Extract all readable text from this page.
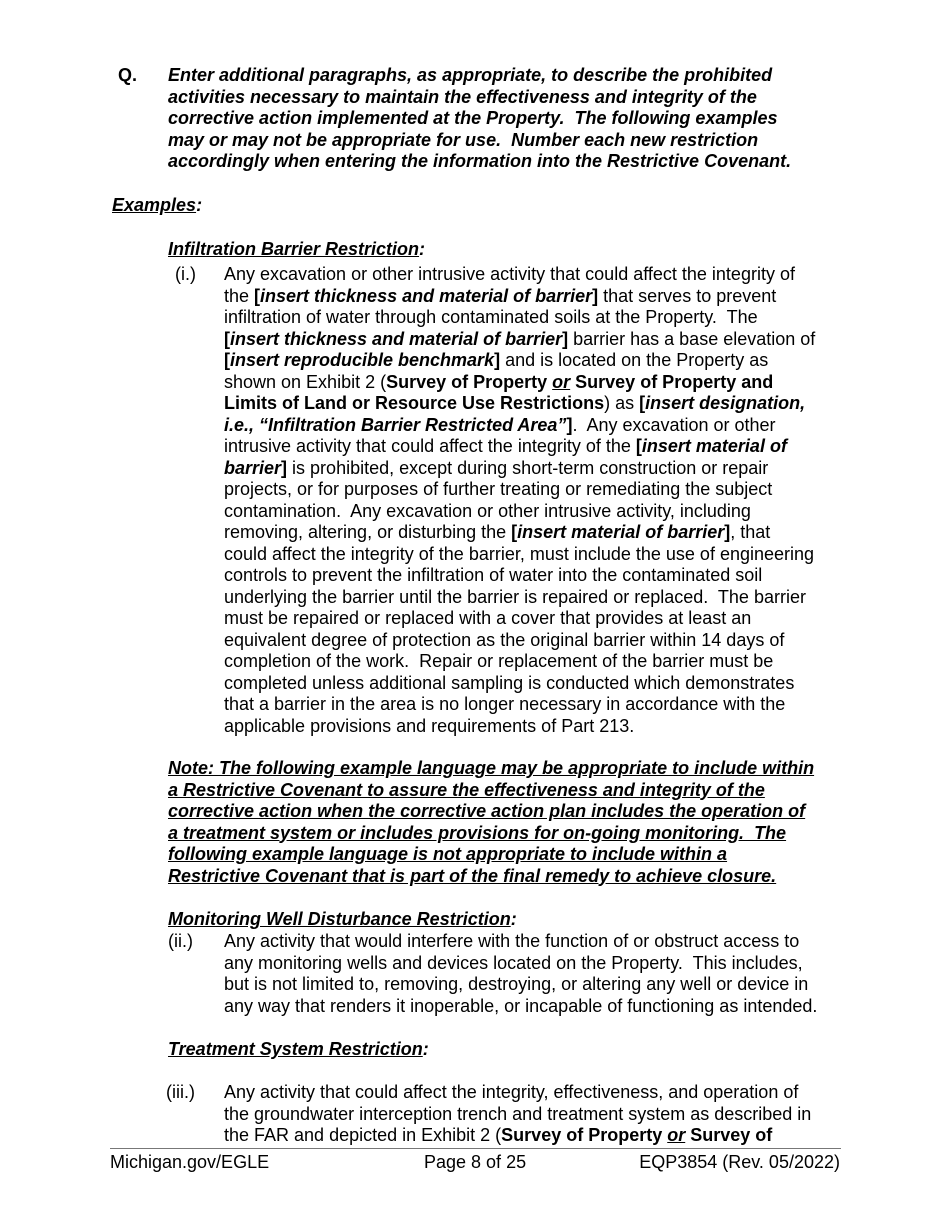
Q. Enter additional paragraphs, as appropriate, to describe the prohibited
activities necessary to maintain the effectiveness and integrity of the
corrective action implemented at the Property.  The following examples
may or may not be appropriate for use.  Number each new restriction
accordingly when entering the information into the Restrictive Covenant.
Examples:
Infiltration Barrier Restriction:
(i.) Any excavation or other intrusive activity that could affect the integrity of
the [insert thickness and material of barrier] that serves to prevent
infiltration of water through contaminated soils at the Property.  The
[insert thickness and material of barrier] barrier has a base elevation of
[insert reproducible benchmark] and is located on the Property as
shown on Exhibit 2 (Survey of Property or Survey of Property and
Limits of Land or Resource Use Restrictions) as [insert designation,
i.e., “Infiltration Barrier Restricted Area”].  Any excavation or other
intrusive activity that could affect the integrity of the [insert material of
barrier] is prohibited, except during short-term construction or repair
projects, or for purposes of further treating or remediating the subject
contamination.  Any excavation or other intrusive activity, including
removing, altering, or disturbing the [insert material of barrier], that
could affect the integrity of the barrier, must include the use of engineering
controls to prevent the infiltration of water into the contaminated soil
underlying the barrier until the barrier is repaired or replaced.  The barrier
must be repaired or replaced with a cover that provides at least an
equivalent degree of protection as the original barrier within 14 days of
completion of the work.  Repair or replacement of the barrier must be
completed unless additional sampling is conducted which demonstrates
that a barrier in the area is no longer necessary in accordance with the
applicable provisions and requirements of Part 213.
Note: The following example language may be appropriate to include within
a Restrictive Covenant to assure the effectiveness and integrity of the
corrective action when the corrective action plan includes the operation of
a treatment system or includes provisions for on-going monitoring.  The
following example language is not appropriate to include within a
Restrictive Covenant that is part of the final remedy to achieve closure.
Monitoring Well Disturbance Restriction:
(ii.) Any activity that would interfere with the function of or obstruct access to
any monitoring wells and devices located on the Property.  This includes,
but is not limited to, removing, destroying, or altering any well or device in
any way that renders it inoperable, or incapable of functioning as intended.
Treatment System Restriction:
(iii.) Any activity that could affect the integrity, effectiveness, and operation of
the groundwater interception trench and treatment system as described in
the FAR and depicted in Exhibit 2 (Survey of Property or Survey of
Michigan.gov/EGLE	Page 8 of 25	EQP3854 (Rev. 05/2022)
